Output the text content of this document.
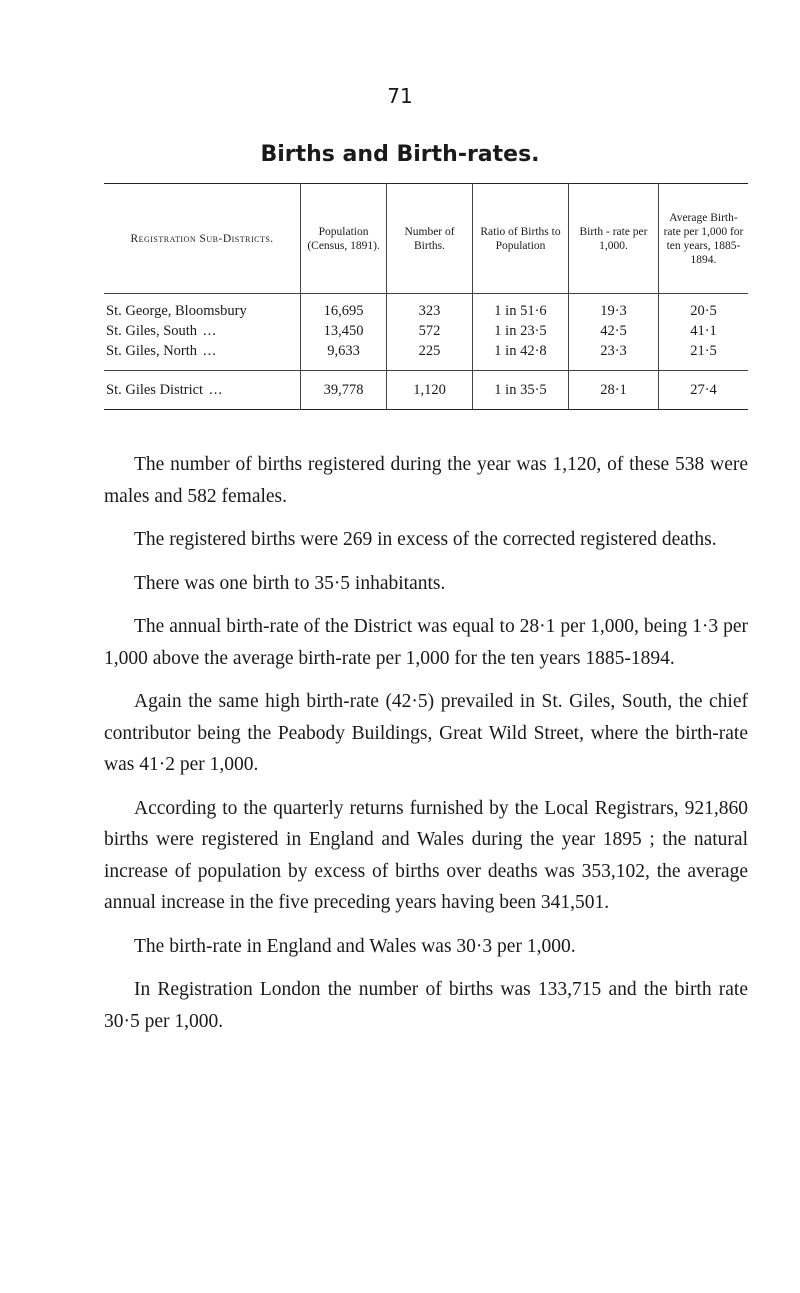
71
Births and Birth-rates.
Registration Sub-Districts.	Population (Census, 1891).	Number of Births.	Ratio of Births to Population	Birth - rate per 1,000.	Average Birth-rate per 1,000 for ten years, 1885-1894.
St. George, Bloomsbury	16,695	323	1 in 51·6	19·3	20·5
St. Giles, South ...	13,450	572	1 in 23·5	42·5	41·1
St. Giles, North ...	9,633	225	1 in 42·8	23·3	21·5
St. Giles District ...	39,778	1,120	1 in 35·5	28·1	27·4

The number of births registered during the year was 1,120, of these 538 were males and 582 females.

The registered births were 269 in excess of the corrected registered deaths.

There was one birth to 35·5 inhabitants.

The annual birth-rate of the District was equal to 28·1 per 1,000, being 1·3 per 1,000 above the average birth-rate per 1,000 for the ten years 1885-1894.

Again the same high birth-rate (42·5) prevailed in St. Giles, South, the chief contributor being the Peabody Buildings, Great Wild Street, where the birth-rate was 41·2 per 1,000.

According to the quarterly returns furnished by the Local Registrars, 921,860 births were registered in England and Wales during the year 1895 ; the natural increase of population by excess of births over deaths was 353,102, the average annual increase in the five preceding years having been 341,501.

The birth-rate in England and Wales was 30·3 per 1,000.

In Registration London the number of births was 133,715 and the birth rate 30·5 per 1,000.
